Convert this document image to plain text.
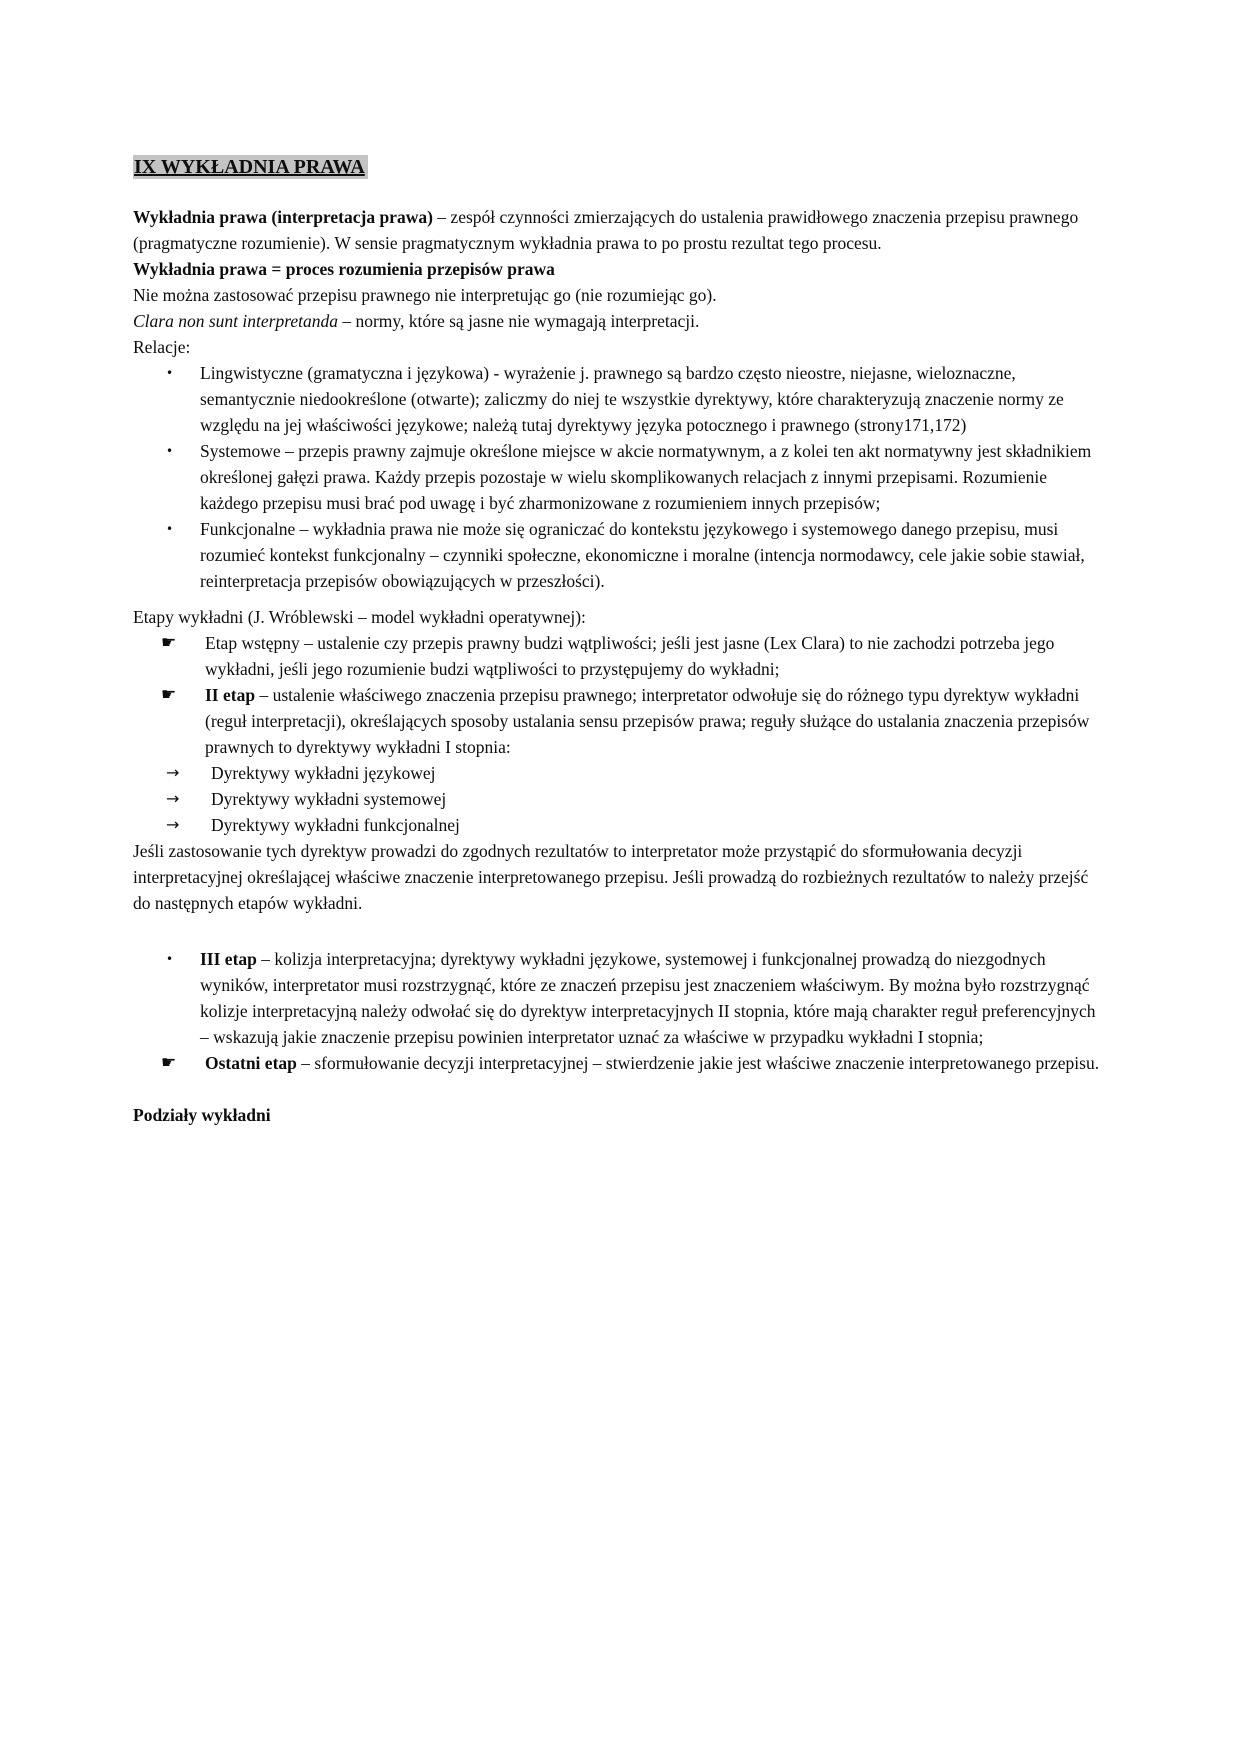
IX WYKŁADNIA PRAWA

Wykładnia prawa (interpretacja prawa) – zespół czynności zmierzających do ustalenia prawidłowego znaczenia przepisu prawnego (pragmatyczne rozumienie). W sensie pragmatycznym wykładnia prawa to po prostu rezultat tego procesu.

Wykładnia prawa = proces rozumienia przepisów prawa

Nie można zastosować przepisu prawnego nie interpretując go (nie rozumiejąc go).

Clara non sunt interpretanda – normy, które są jasne nie wymagają interpretacji.

Relacje:

• Lingwistyczne (gramatyczna i językowa) - wyrażenie j. prawnego są bardzo często nieostre, niejasne, wieloznaczne, semantycznie niedookreślone (otwarte); zaliczmy do niej te wszystkie dyrektywy, które charakteryzują znaczenie normy ze względu na jej właściwości językowe; należą tutaj dyrektywy języka potocznego i prawnego (strony171,172)
• Systemowe – przepis prawny zajmuje określone miejsce w akcie normatywnym, a z kolei ten akt normatywny jest składnikiem określonej gałęzi prawa. Każdy przepis pozostaje w wielu skomplikowanych relacjach z innymi przepisami. Rozumienie każdego przepisu musi brać pod uwagę i być zharmonizowane z rozumieniem innych przepisów;
• Funkcjonalne – wykładnia prawa nie może się ograniczać do kontekstu językowego i systemowego danego przepisu, musi rozumieć kontekst funkcjonalny – czynniki społeczne, ekonomiczne i moralne (intencja normodawcy, cele jakie sobie stawiał, reinterpretacja przepisów obowiązujących w przeszłości).

Etapy wykładni (J. Wróblewski – model wykładni operatywnej):

☛ Etap wstępny – ustalenie czy przepis prawny budzi wątpliwości; jeśli jest jasne (Lex Clara) to nie zachodzi potrzeba jego wykładni, jeśli jego rozumienie budzi wątpliwości to przystępujemy do wykładni;
☛ II etap – ustalenie właściwego znaczenia przepisu prawnego; interpretator odwołuje się do różnego typu dyrektyw wykładni (reguł interpretacji), określających sposoby ustalania sensu przepisów prawa; reguły służące do ustalania znaczenia przepisów prawnych to dyrektywy wykładni I stopnia:
→ Dyrektywy wykładni językowej
→ Dyrektywy wykładni systemowej
→ Dyrektywy wykładni funkcjonalnej

Jeśli zastosowanie tych dyrektyw prowadzi do zgodnych rezultatów to interpretator może przystąpić do sformułowania decyzji interpretacyjnej określającej właściwe znaczenie interpretowanego przepisu. Jeśli prowadzą do rozbieżnych rezultatów to należy przejść do następnych etapów wykładni.

• III etap – kolizja interpretacyjna; dyrektywy wykładni językowe, systemowej i funkcjonalnej prowadzą do niezgodnych wyników, interpretator musi rozstrzygnąć, które ze znaczeń przepisu jest znaczeniem właściwym. By można było rozstrzygnąć kolizje interpretacyjną należy odwołać się do dyrektyw interpretacyjnych II stopnia, które mają charakter reguł preferencyjnych – wskazują jakie znaczenie przepisu powinien interpretator uznać za właściwe w przypadku wykładni I stopnia;
☛ Ostatni etap – sformułowanie decyzji interpretacyjnej – stwierdzenie jakie jest właściwe znaczenie interpretowanego przepisu.

Podziały wykładni
